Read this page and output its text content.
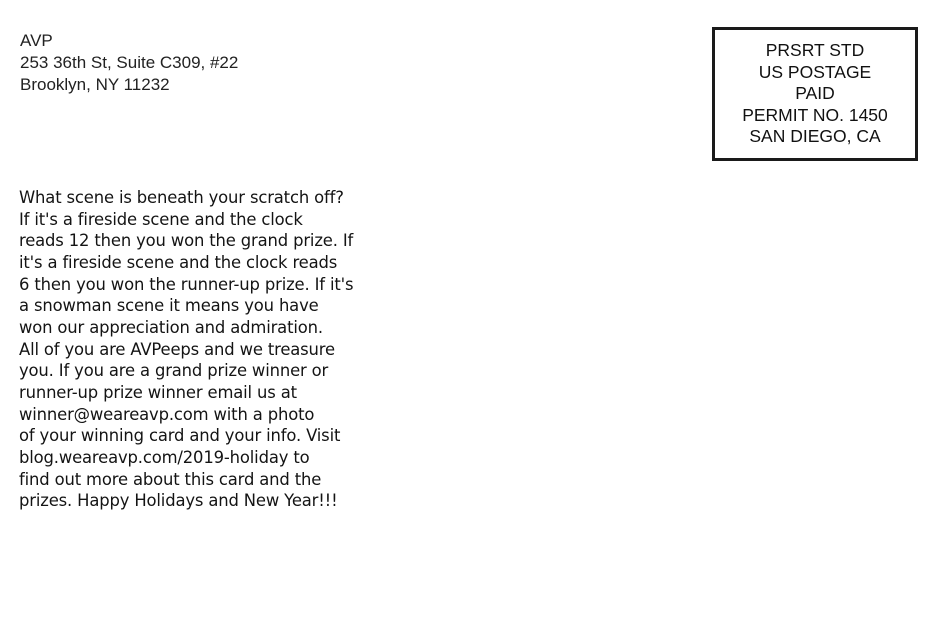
AVP
253 36th St, Suite C309, #22
Brooklyn, NY 11232
PRSRT STD
US POSTAGE
PAID
PERMIT NO. 1450
SAN DIEGO, CA
What scene is beneath your scratch off?
If it's a fireside scene and the clock
reads 12 then you won the grand prize. If
it's a fireside scene and the clock reads
6 then you won the runner-up prize. If it's
a snowman scene it means you have
won our appreciation and admiration.
All of you are AVPeeps and we treasure
you. If you are a grand prize winner or
runner-up prize winner email us at
winner@weareavp.com with a photo
of your winning card and your info. Visit
blog.weareavp.com/2019-holiday to
find out more about this card and the
prizes. Happy Holidays and New Year!!!
